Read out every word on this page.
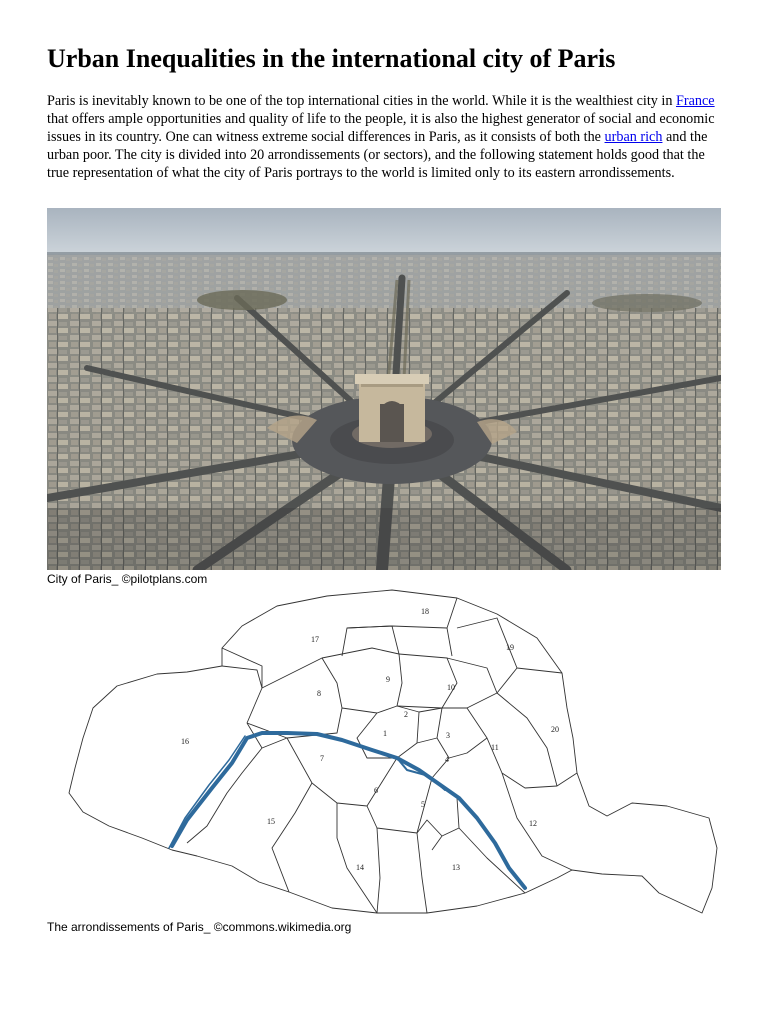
Urban Inequalities in the international city of Paris

Paris is inevitably known to be one of the top international cities in the world. While it is the wealthiest city in France that offers ample opportunities and quality of life to the people, it is also the highest generator of social and economic issues in its country. One can witness extreme social differences in Paris, as it consists of both the urban rich and the urban poor. The city is divided into 20 arrondissements (or sectors), and the following statement holds good that the true representation of what the city of Paris portrays to the world is limited only to its eastern arrondissements.

City of Paris_ ©pilotplans.com
1
2
3
4
5
6
7
8
9
10
11
12
13
14
15
16
17
18
19
20
The arrondissements of Paris_ ©commons.wikimedia.org
